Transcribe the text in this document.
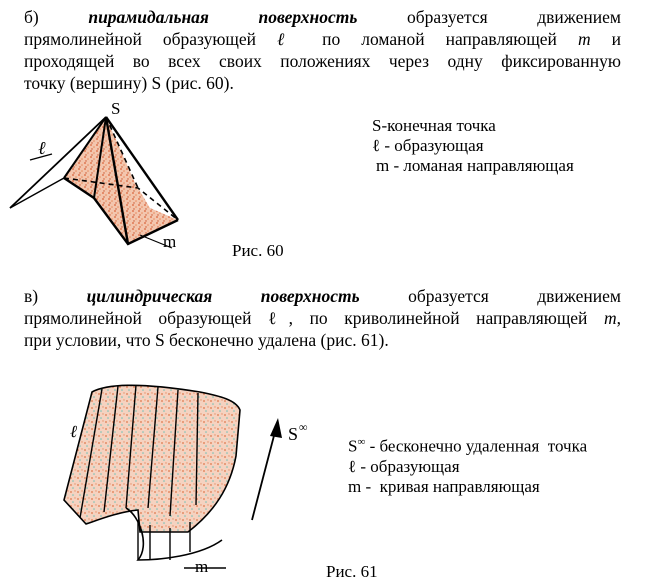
б)	пирамидальная поверхность	образуется движением
прямолинейной образующей ℓ по ломаной направляющей m и
проходящей во всех своих положениях через одну фиксированную
точку (вершину) S (рис. 60).
S
ℓ
m
S-конечная точка
ℓ - образующая
m - ломаная направляющая
Рис. 60
в)	цилиндрическая поверхность	образуется движением
прямолинейной образующей ℓ, по криволинейной направляющей m,
при условии, что S бесконечно удалена (рис. 61).
ℓ	S ∞
m
S∞ - бесконечно удаленная  точка
ℓ - образующая
m -  кривая направляющая
Рис. 61
